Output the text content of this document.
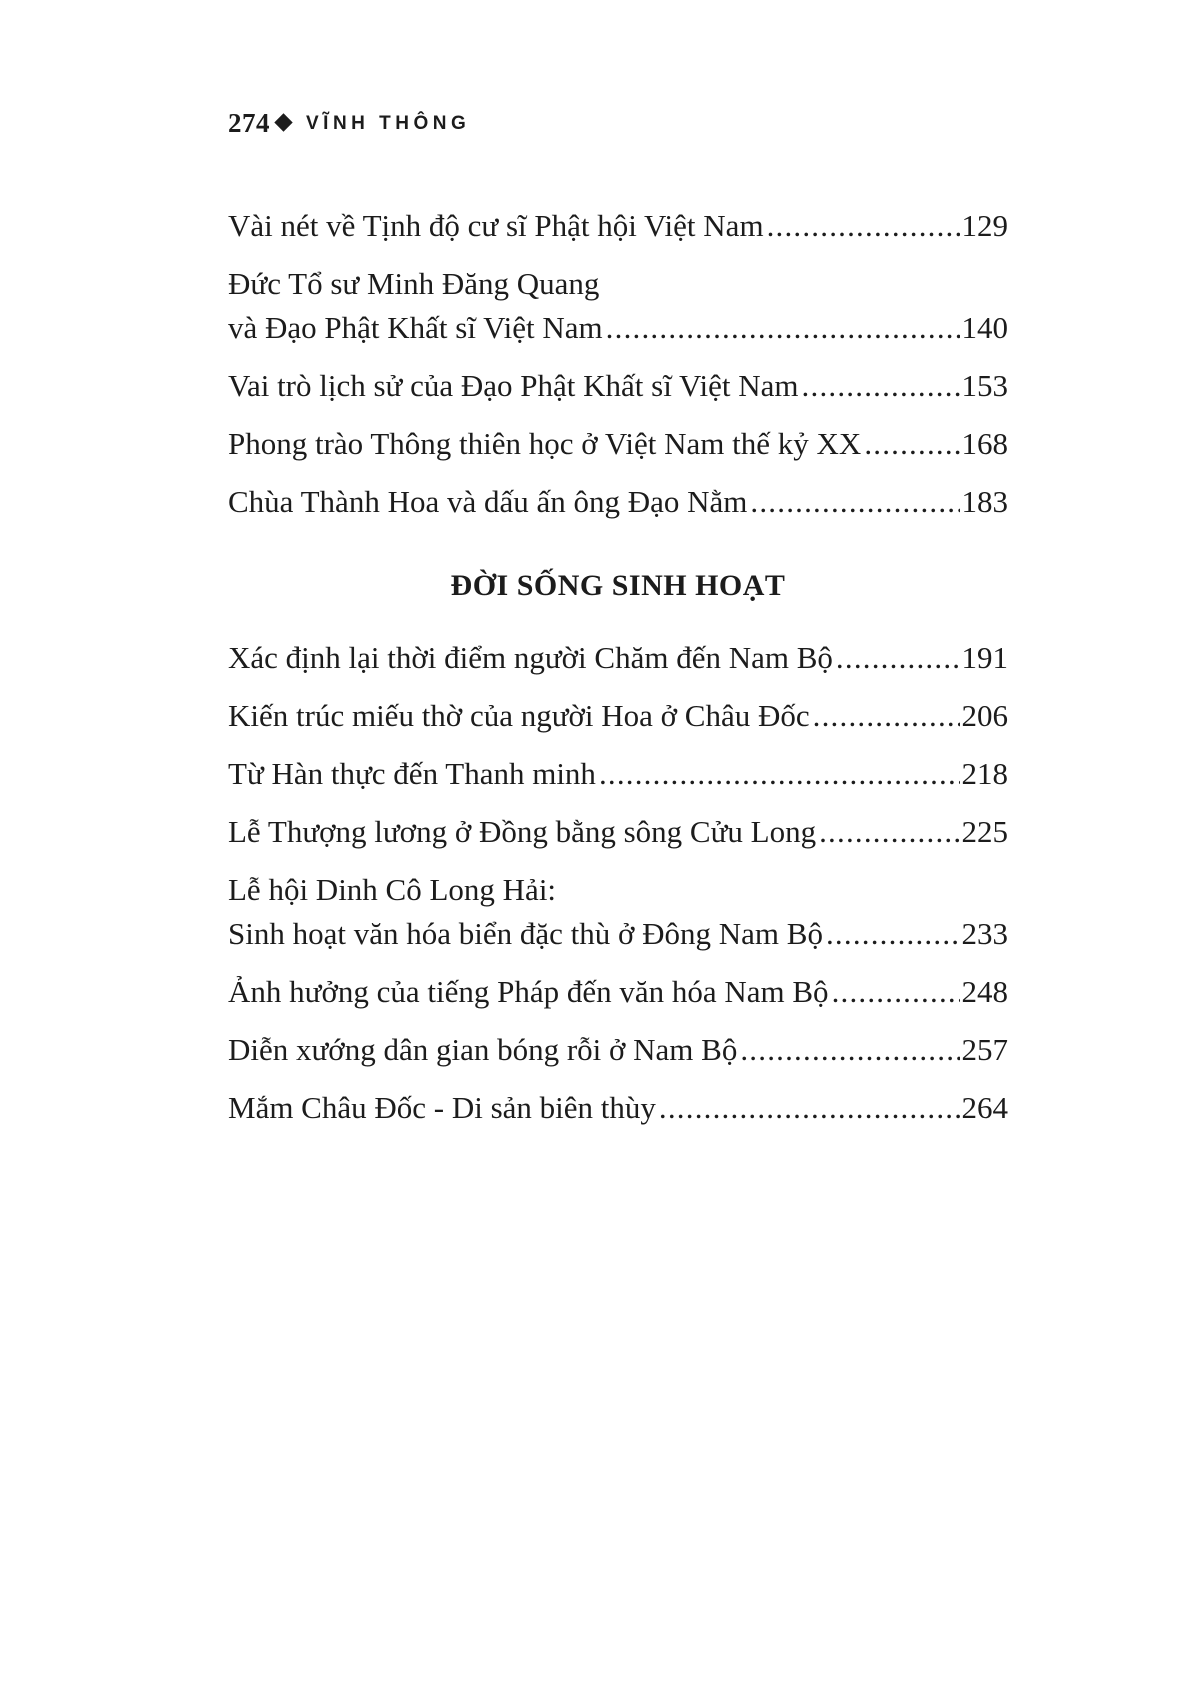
274 VĨNH THÔNG
Vài nét về Tịnh độ cư sĩ Phật hội Việt Nam .....	129
Đức Tổ sư Minh Đăng Quang
và Đạo Phật Khất sĩ Việt Nam .....	140
Vai trò lịch sử của Đạo Phật Khất sĩ Việt Nam .....	153
Phong trào Thông thiên học ở Việt Nam thế kỷ XX .....	168
Chùa Thành Hoa và dấu ấn ông Đạo Nằm .....	183
ĐỜI SỐNG SINH HOẠT
Xác định lại thời điểm người Chăm đến Nam Bộ .....	191
Kiến trúc miếu thờ của người Hoa ở Châu Đốc .....	206
Từ Hàn thực đến Thanh minh .....	218
Lễ Thượng lương ở Đồng bằng sông Cửu Long .....	225
Lễ hội Dinh Cô Long Hải:
Sinh hoạt văn hóa biển đặc thù ở Đông Nam Bộ .....	233
Ảnh hưởng của tiếng Pháp đến văn hóa Nam Bộ .....	248
Diễn xướng dân gian bóng rỗi ở Nam Bộ .....	257
Mắm Châu Đốc - Di sản biên thùy .....	264
